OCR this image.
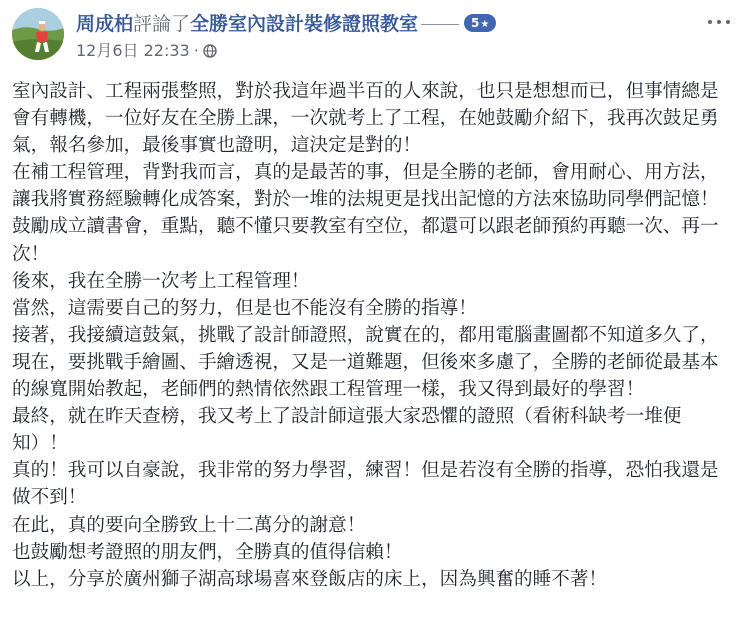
周成柏評論了全勝室內設計裝修證照教室	5★
12月6日 22:33 ·

室內設計、工程兩張整照，對於我這年過半百的人來說，也只是想想而已，但事情總是會有轉機，一位好友在全勝上課，一次就考上了工程，在她鼓勵介紹下，我再次鼓足勇氣，報名參加，最後事實也證明，這決定是對的！

在補工程管理，背對我而言，真的是最苦的事，但是全勝的老師，會用耐心、用方法，讓我將實務經驗轉化成答案，對於一堆的法規更是找出記憶的方法來協助同學們記憶！鼓勵成立讀書會，重點，聽不懂只要教室有空位，都還可以跟老師預約再聽一次、再一次！

後來，我在全勝一次考上工程管理！

當然，這需要自己的努力，但是也不能沒有全勝的指導！

接著，我接續這鼓氣，挑戰了設計師證照，說實在的，都用電腦畫圖都不知道多久了，現在，要挑戰手繪圖、手繪透視，又是一道難題，但後來多慮了，全勝的老師從最基本的線寬開始教起，老師們的熱情依然跟工程管理一樣，我又得到最好的學習！

最終，就在昨天查榜，我又考上了設計師這張大家恐懼的證照（看術科缺考一堆便知）！

真的！我可以自豪說，我非常的努力學習，練習！但是若沒有全勝的指導，恐怕我還是做不到！

在此，真的要向全勝致上十二萬分的謝意！

也鼓勵想考證照的朋友們，全勝真的值得信賴！

以上，分享於廣州獅子湖高球場喜來登飯店的床上，因為興奮的睡不著！
